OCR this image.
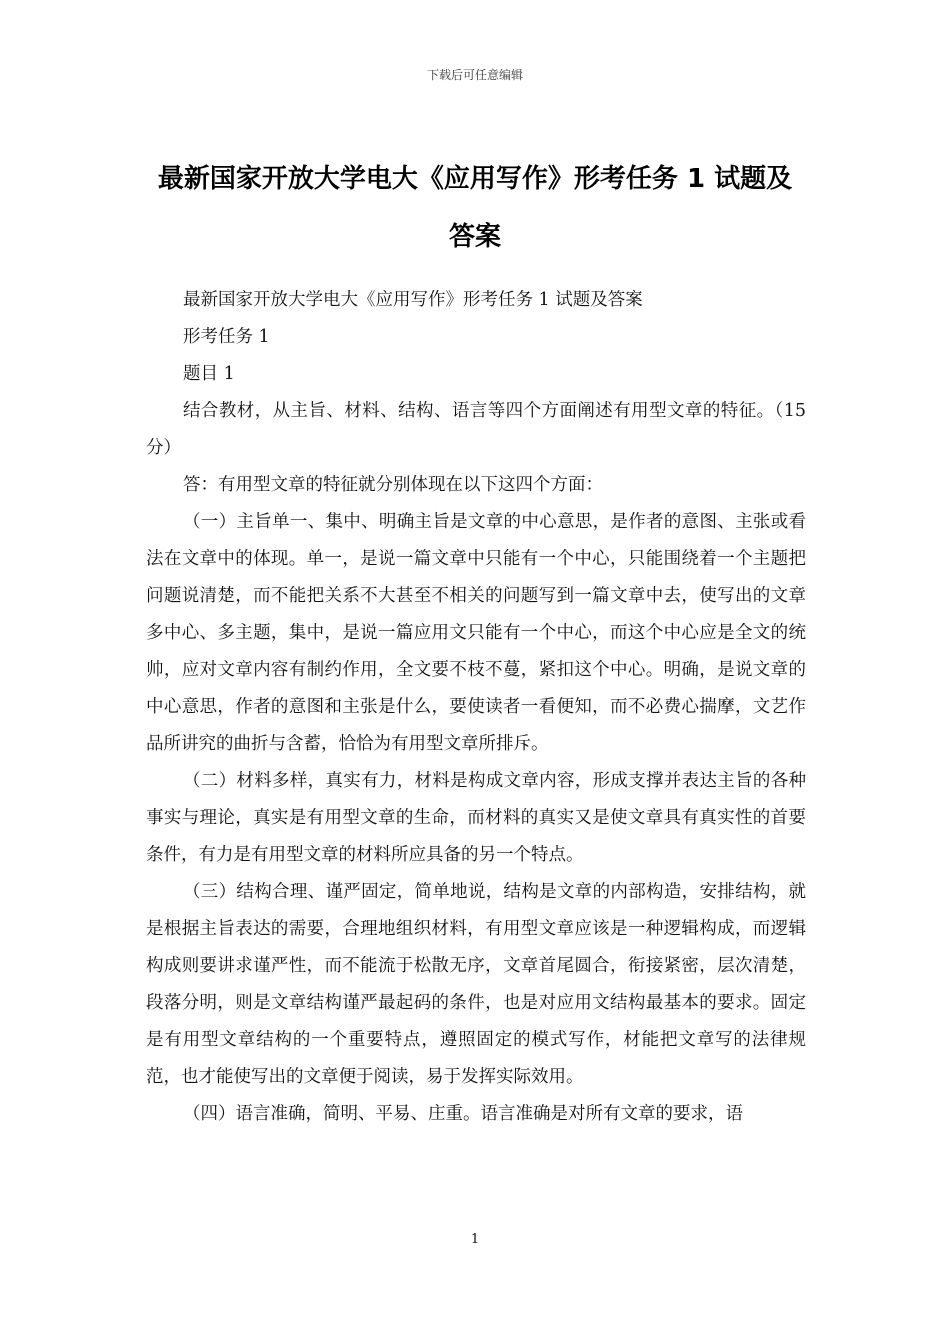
下载后可任意编辑
最新国家开放大学电大《应用写作》形考任务 1 试题及答案

最新国家开放大学电大《应用写作》形考任务 1 试题及答案

形考任务 1

题目 1

结合教材，从主旨、材料、结构、语言等四个方面阐述有用型文章的特征。（15 分）

答：有用型文章的特征就分别体现在以下这四个方面：

（一）主旨单一、集中、明确主旨是文章的中心意思，是作者的意图、主张或看法在文章中的体现。单一，是说一篇文章中只能有一个中心，只能围绕着一个主题把问题说清楚，而不能把关系不大甚至不相关的问题写到一篇文章中去，使写出的文章多中心、多主题，集中，是说一篇应用文只能有一个中心，而这个中心应是全文的统帅，应对文章内容有制约作用，全文要不枝不蔓，紧扣这个中心。明确，是说文章的中心意思，作者的意图和主张是什么，要使读者一看便知，而不必费心揣摩，文艺作品所讲究的曲折与含蓄，恰恰为有用型文章所排斥。

（二）材料多样，真实有力，材料是构成文章内容，形成支撑并表达主旨的各种事实与理论，真实是有用型文章的生命，而材料的真实又是使文章具有真实性的首要条件，有力是有用型文章的材料所应具备的另一个特点。

（三）结构合理、谨严固定，简单地说，结构是文章的内部构造，安排结构，就是根据主旨表达的需要，合理地组织材料，有用型文章应该是一种逻辑构成，而逻辑构成则要讲求谨严性，而不能流于松散无序，文章首尾圆合，衔接紧密，层次清楚，段落分明，则是文章结构谨严最起码的条件，也是对应用文结构最基本的要求。固定是有用型文章结构的一个重要特点，遵照固定的模式写作，材能把文章写的法律规范，也才能使写出的文章便于阅读，易于发挥实际效用。

（四）语言准确，简明、平易、庄重。语言准确是对所有文章的要求，语

1
